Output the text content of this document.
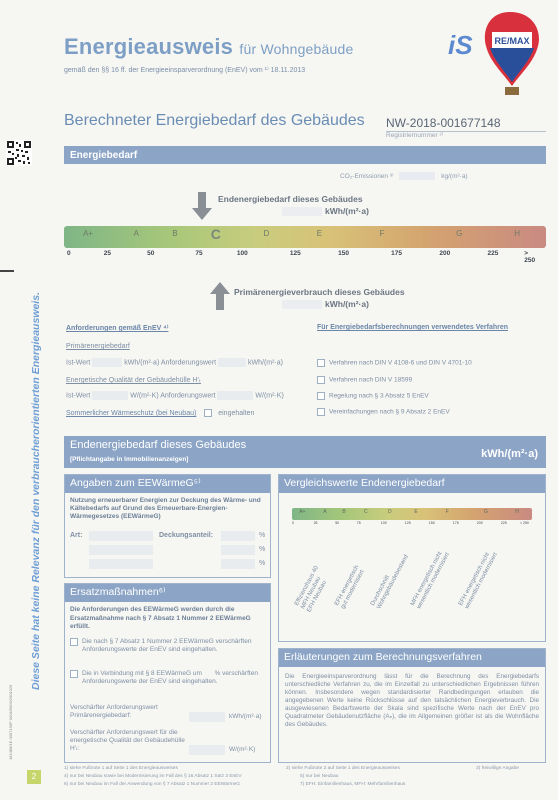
Diese Seite hat keine Relevanz für den verbraucherorientierten Energieausweis.
181488/1E 0007156P 0004/6003/2001026
2
Energieausweis für Wohngebäude
gemäß den §§ 16 ff. der Energieeinsparverordnung (EnEV) vom ¹⁾ 18.11.2013
iS RE/MAX
Berechneter Energiebedarf des Gebäudes NW-2018-001677148
Registriernummer ²⁾
Energiebedarf
CO₂-Emissionen ³⁾	kg/(m²·a)
Endenergiebedarf dieses Gebäudes
kWh/(m²·a)
A+	A	B C	D	E	F	G	H
0	25	50	75	100	125	150	175	200	225	> 250
Primärenergieverbrauch dieses Gebäudes
kWh/(m²·a)
Anforderungen gemäß EnEV ⁴⁾
Primärenergiebedarf
Ist-Wert	kWh/(m²·a) Anforderungswert	kWh/(m²·a)
Energetische Qualität der Gebäudehülle H′ₜ
Ist-Wert	W/(m²·K) Anforderungswert	W/(m²·K)
Sommerlicher Wärmeschutz (bei Neubau)	eingehalten
Für Energiebedarfsberechnungen verwendetes Verfahren
Verfahren nach DIN V 4108-6 und DIN V 4701-10
Verfahren nach DIN V 18599
Regelung nach § 3 Absatz 5 EnEV
Vereinfachungen nach § 9 Absatz 2 EnEV
Endenergiebedarf dieses Gebäudes
[Pflichtangabe in Immobilienanzeigen]	kWh/(m²·a)
Angaben zum EEWärmeG⁵⁾
Nutzung erneuerbarer Energien zur Deckung des Wärme- und Kältebedarfs auf Grund des Erneuerbare-Energien-Wärmegesetzes (EEWärmeG)
Art:	Deckungsanteil:	%
%
%
Vergleichswerte Endenergiebedarf
A+	A	B	C	D	E	F	G	H
0	25	50	75	100	125	150	175	200	225	> 250
Effizienzhaus 40
MFH Neubau
EFH Neubau	EFH energetisch
gut modernisiert Durchschnitt
Wohngebäudebestand MFH energetisch nicht
wesentlich modernisiert	EFH energetisch nicht
wesentlich modernisiert
Ersatzmaßnahmen⁶⁾
Die Anforderungen des EEWärmeG werden durch die Ersatzmaßnahme nach § 7 Absatz 1 Nummer 2 EEWärmeG erfüllt.
Die nach § 7 Absatz 1 Nummer 2 EEWärmeG verschärften Anforderungswerte der EnEV sind eingehalten.
Die in Verbindung mit § 8 EEWärmeG um       % verschärften Anforderungswerte der EnEV sind eingehalten.
Verschärfter Anforderungswert Primärenergiebedarf:	kWh/(m²·a)
Verschärfter Anforderungswert für die energetische Qualität der Gebäudehülle H′ₜ:	W/(m²·K)
Erläuterungen zum Berechnungsverfahren
Die Energieeinsparverordnung lässt für die Berechnung des Energiebedarfs unterschiedliche Verfahren zu, die im Einzelfall zu unterschiedlichen Ergebnissen führen können. Insbesondere wegen standardisierter Randbedingungen erlauben die angegebenen Werte keine Rückschlüsse auf den tatsächlichen Energieverbrauch. Die ausgewiesenen Bedarfswerte der Skala sind spezifische Werte nach der EnEV pro Quadratmeter Gebäudenutzfläche (Aₙ), die im Allgemeinen größer ist als die Wohnfläche des Gebäudes.
1) siehe Fußnote 1 auf Seite 1 des Energieausweises	2) siehe Fußnote 2 auf Seite 1 des Energieausweises	3) freiwillige Angabe
4) nur bei Neubau sowie bei Modernisierung im Fall des § 16 Absatz 1 Satz 3 EnEV	5) nur bei Neubau
6) nur bei Neubau im Fall der Anwendung von § 7 Absatz 1 Nummer 2 EEWärmeG	7) EFH: Einfamilienhaus, MFH: Mehrfamilienhaus
